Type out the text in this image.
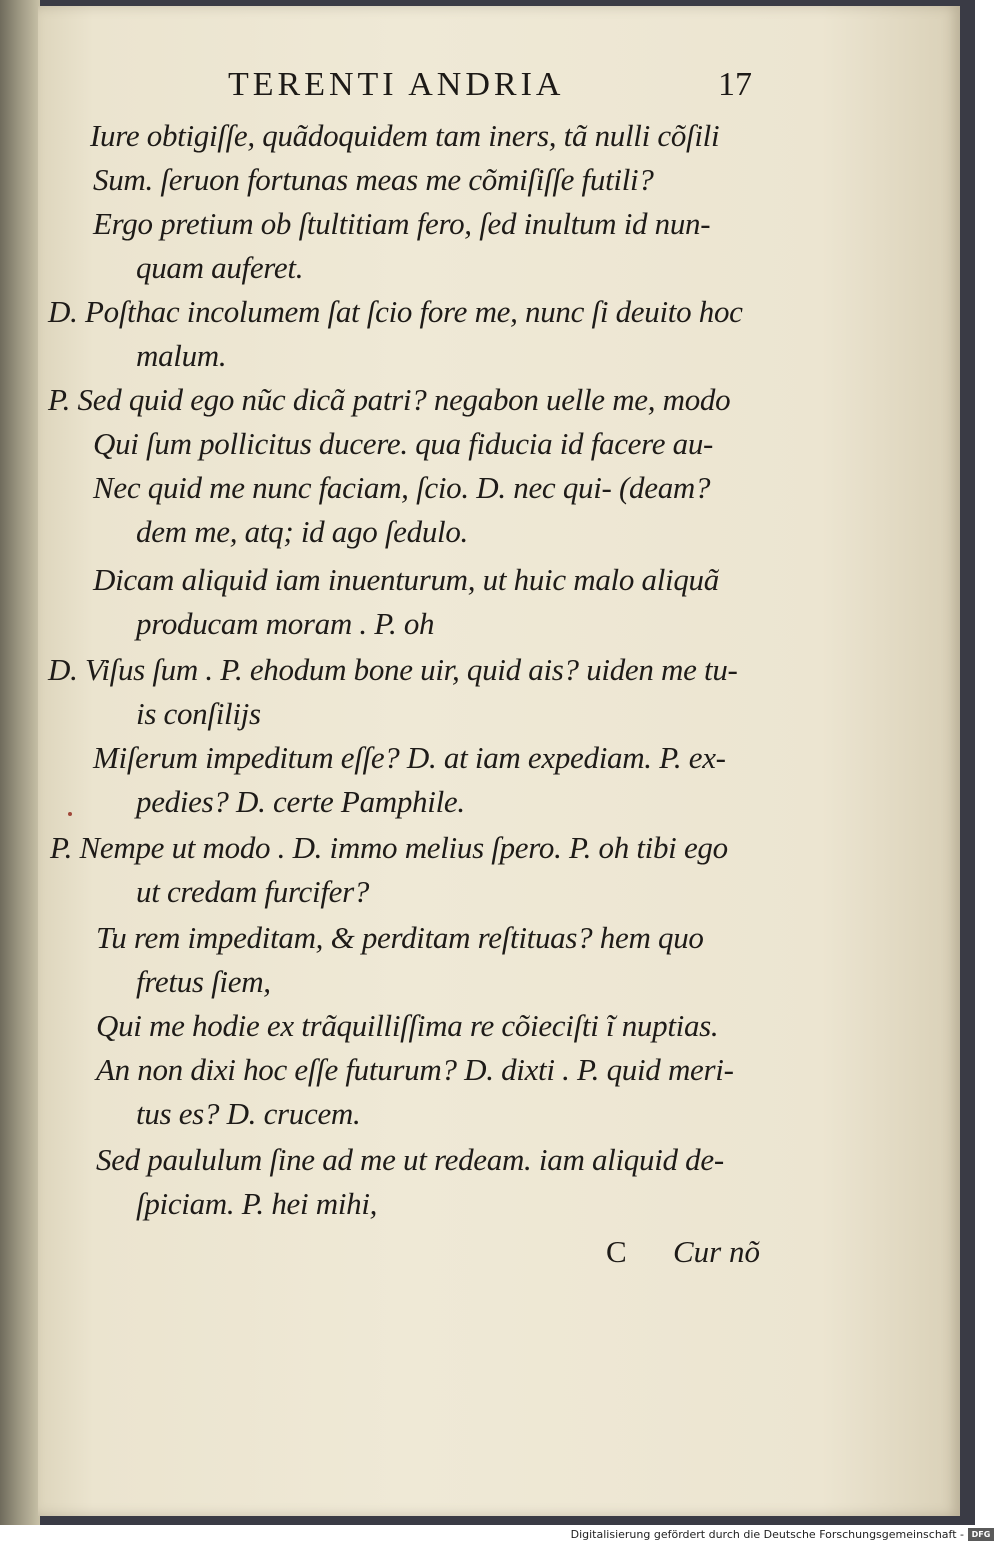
TERENTI ANDRIA	17
Iure obtigiſſe, quãdoquidem tam iners, tã nulli cõſili
Sum. ſeruon fortunas meas me cõmiſiſſe futili?
Ergo pretium ob ſtultitiam fero, ſed inultum id nun-
quam auferet.
D. Poſthac incolumem ſat ſcio fore me, nunc ſi deuito hoc
malum.
P. Sed quid ego nũc dicã patri? negabon uelle me, modo
Qui ſum pollicitus ducere. qua fiducia id facere au-
Nec quid me nunc faciam, ſcio. D. nec qui- (deam?
dem me, atq; id ago ſedulo.
Dicam aliquid iam inuenturum, ut huic malo aliquã
producam moram . P. oh
D. Viſus ſum . P. ehodum bone uir, quid ais? uiden me tu-
is conſilijs
Miſerum impeditum eſſe? D. at iam expediam. P. ex-
pedies? D. certe Pamphile.
P. Nempe ut modo . D. immo melius ſpero. P. oh tibi ego
ut credam furcifer?
Tu rem impeditam, & perditam reſtituas? hem quo
fretus ſiem,
Qui me hodie ex trãquilliſſima re cõieciſti ĩ nuptias.
An non dixi hoc eſſe futurum? D. dixti . P. quid meri-
tus es? D. crucem.
Sed paululum ſine ad me ut redeam. iam aliquid de-
ſpiciam. P. hei mihi,
C Cur nõ
Digitalisierung gefördert durch die Deutsche Forschungsgemeinschaft - DFG
